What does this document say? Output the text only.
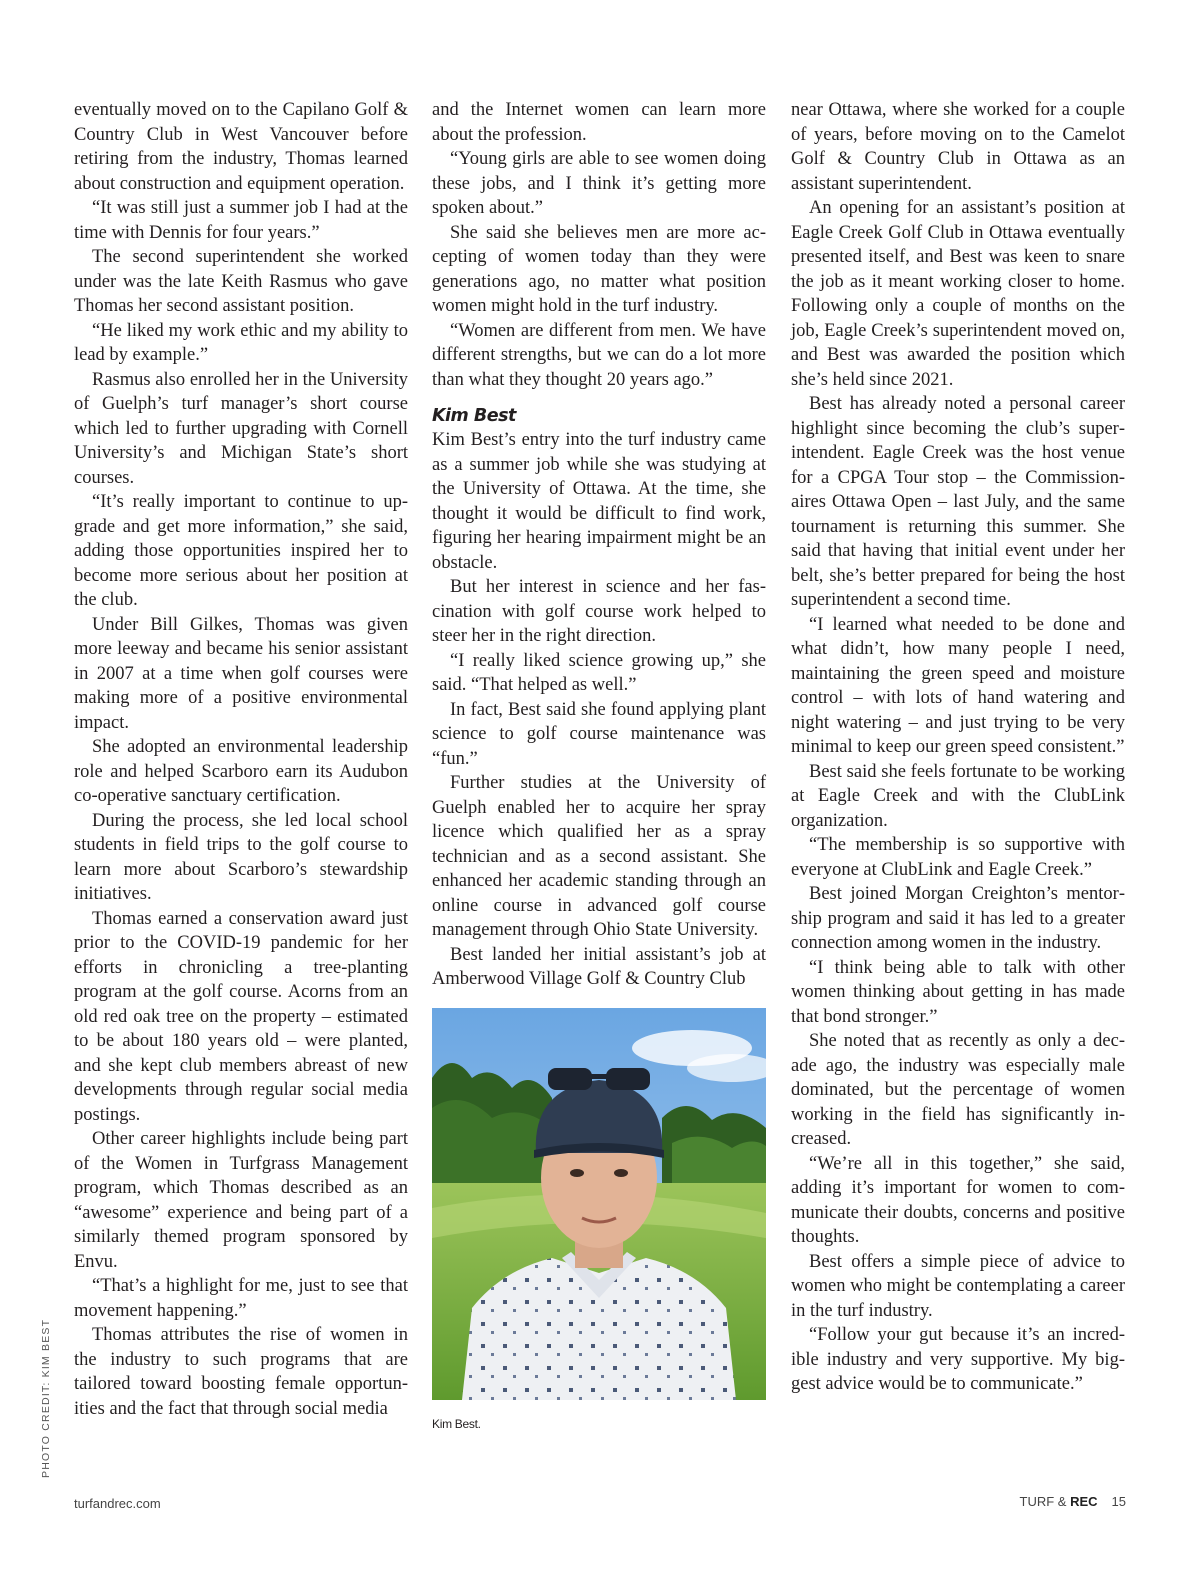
eventually moved on to the Capilano Golf & Country Club in West Vancouver before retiring from the industry, Thomas learned about construction and equipment operation.

“It was still just a summer job I had at the time with Dennis for four years.”

The second superintendent she worked under was the late Keith Rasmus who gave Thomas her second assistant position.

“He liked my work ethic and my ability to lead by example.”

Rasmus also enrolled her in the University of Guelph’s turf manager’s short course which led to further upgrading with Cornell University’s and Michigan State’s short courses.

“It’s really important to continue to upgrade and get more information,” she said, adding those opportunities inspired her to become more serious about her position at the club.

Under Bill Gilkes, Thomas was given more leeway and became his senior assistant in 2007 at a time when golf courses were making more of a positive environmental impact.

She adopted an environmental leadership role and helped Scarboro earn its Audubon co-operative sanctuary certification.

During the process, she led local school students in field trips to the golf course to learn more about Scarboro’s stewardship initiatives.

Thomas earned a conservation award just prior to the COVID-19 pandemic for her efforts in chronicling a tree-planting program at the golf course. Acorns from an old red oak tree on the property – estimated to be about 180 years old – were planted, and she kept club members abreast of new developments through regular social media postings.

Other career highlights include being part of the Women in Turfgrass Management program, which Thomas described as an “awesome” experience and being part of a similarly themed program sponsored by Envu.

“That’s a highlight for me, just to see that movement happening.”

Thomas attributes the rise of women in the industry to such programs that are tailored toward boosting female opportunities and the fact that through social media

and the Internet women can learn more about the profession.

“Young girls are able to see women doing these jobs, and I think it’s getting more spoken about.”

She said she believes men are more accepting of women today than they were generations ago, no matter what position women might hold in the turf industry.

“Women are different from men. We have different strengths, but we can do a lot more than what they thought 20 years ago.”

Kim Best

Kim Best’s entry into the turf industry came as a summer job while she was studying at the University of Ottawa. At the time, she thought it would be difficult to find work, figuring her hearing impairment might be an obstacle.

But her interest in science and her fascination with golf course work helped to steer her in the right direction.

“I really liked science growing up,” she said. “That helped as well.”

In fact, Best said she found applying plant science to golf course maintenance was “fun.”

Further studies at the University of Guelph enabled her to acquire her spray licence which qualified her as a spray technician and as a second assistant. She enhanced her academic standing through an online course in advanced golf course management through Ohio State University.

Best landed her initial assistant’s job at Amberwood Village Golf & Country Club

Kim Best.

near Ottawa, where she worked for a couple of years, before moving on to the Camelot Golf & Country Club in Ottawa as an assistant superintendent.

An opening for an assistant’s position at Eagle Creek Golf Club in Ottawa eventually presented itself, and Best was keen to snare the job as it meant working closer to home. Following only a couple of months on the job, Eagle Creek’s superintendent moved on, and Best was awarded the position which she’s held since 2021.

Best has already noted a personal career highlight since becoming the club’s superintendent. Eagle Creek was the host venue for a CPGA Tour stop – the Commissionaires Ottawa Open – last July, and the same tournament is returning this summer. She said that having that initial event under her belt, she’s better prepared for being the host superintendent a second time.

“I learned what needed to be done and what didn’t, how many people I need, maintaining the green speed and moisture control – with lots of hand watering and night watering – and just trying to be very minimal to keep our green speed consistent.”

Best said she feels fortunate to be working at Eagle Creek and with the ClubLink organization.

“The membership is so supportive with everyone at ClubLink and Eagle Creek.”

Best joined Morgan Creighton’s mentorship program and said it has led to a greater connection among women in the industry.

“I think being able to talk with other women thinking about getting in has made that bond stronger.”

She noted that as recently as only a decade ago, the industry was especially male dominated, but the percentage of women working in the field has significantly increased.

“We’re all in this together,” she said, adding it’s important for women to communicate their doubts, concerns and positive thoughts.

Best offers a simple piece of advice to women who might be contemplating a career in the turf industry.

“Follow your gut because it’s an incredible industry and very supportive. My biggest advice would be to communicate.”

PHOTO CREDIT: KIM BEST
turfandrec.com	TURF & REC 15
